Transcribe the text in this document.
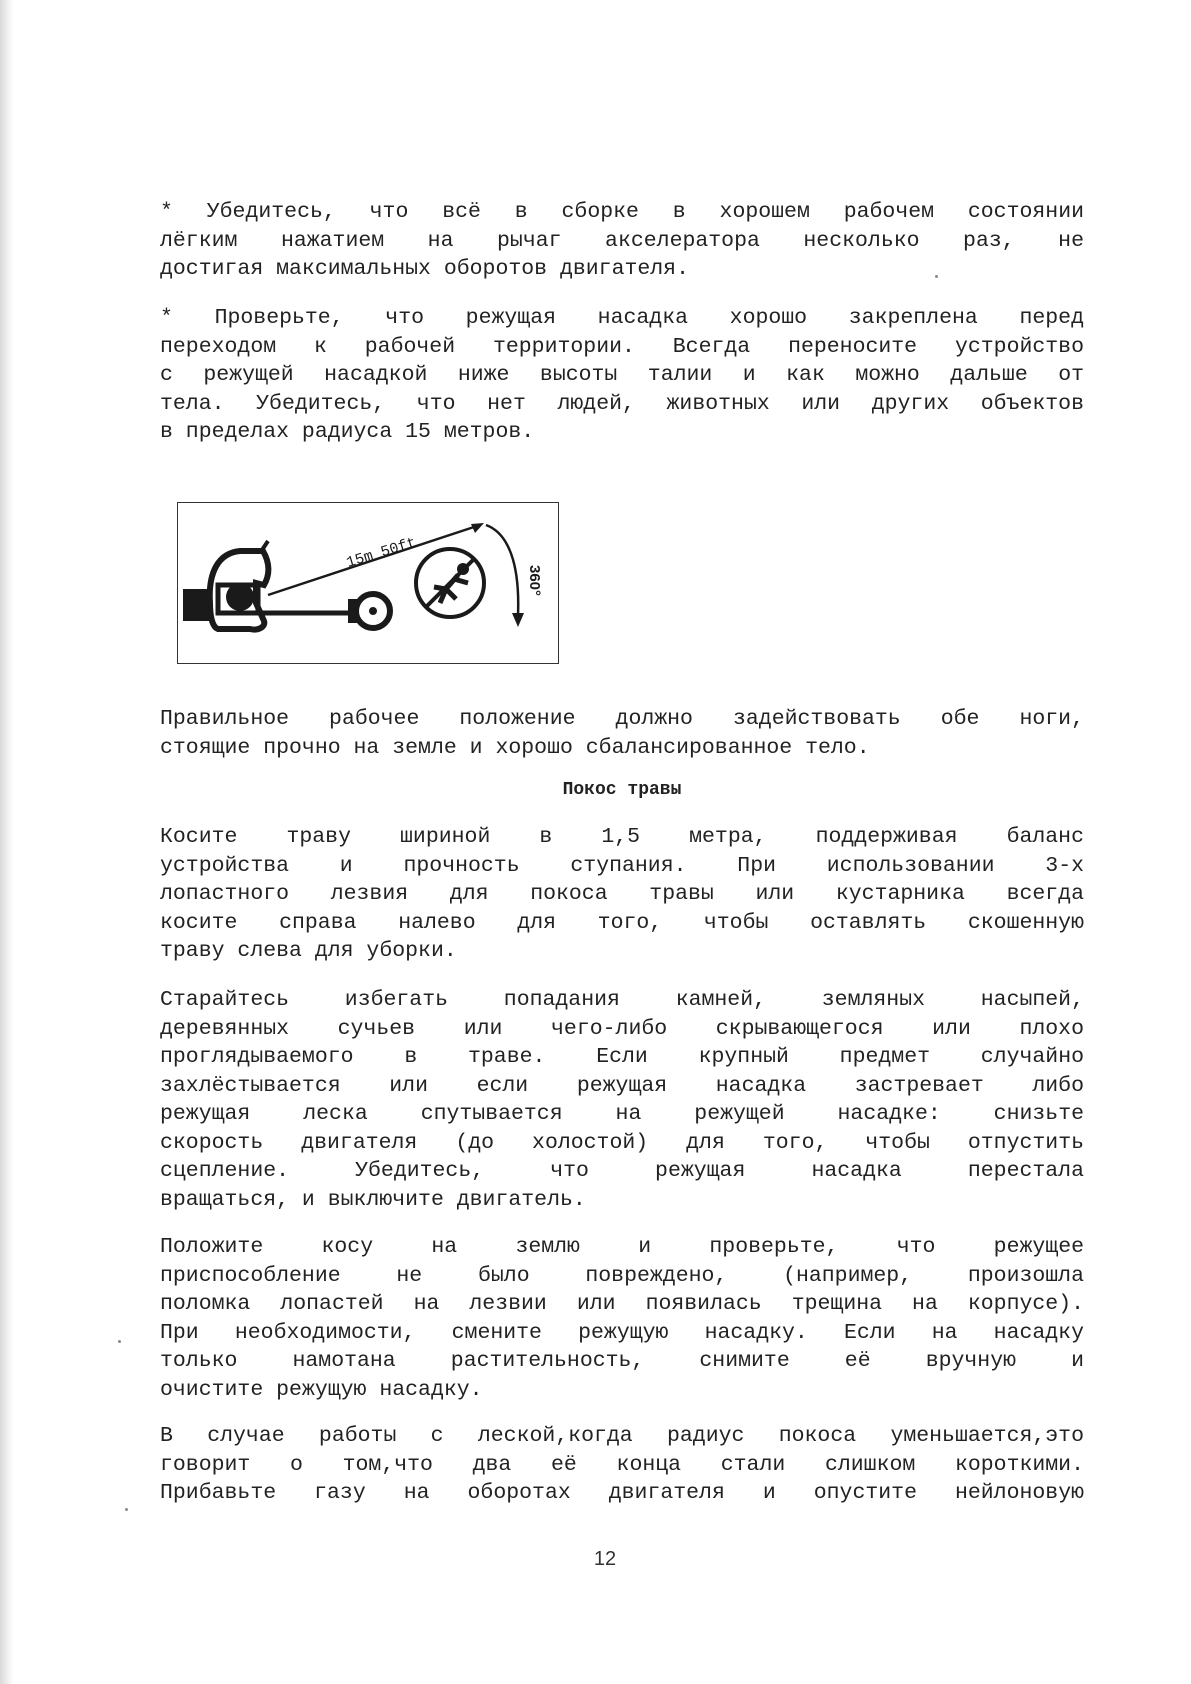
* Убедитесь, что всё в сборке в хорошем рабочем состоянии
лёгким нажатием на рычаг акселератора несколько раз, не
достигая максимальных оборотов двигателя.
* Проверьте, что режущая насадка хорошо закреплена перед
переходом к рабочей территории. Всегда переносите устройство
с режущей насадкой ниже высоты талии и как можно дальше от
тела. Убедитесь, что нет людей, животных или других объектов
в пределах радиуса 15 метров.
15m 50ft
360°
Правильное рабочее положение должно задействовать обе ноги,
стоящие прочно на земле и хорошо сбалансированное тело.
Покос травы
Косите траву шириной в 1,5 метра, поддерживая баланс
устройства и прочность ступания. При использовании 3-х
лопастного лезвия для покоса травы или кустарника всегда
косите справа налево для того, чтобы оставлять скошенную
траву слева для уборки.
Старайтесь избегать попадания камней, земляных насыпей,
деревянных сучьев или чего-либо скрывающегося или плохо
проглядываемого в траве. Если крупный предмет случайно
захлёстывается или если режущая насадка застревает либо
режущая леска спутывается на режущей насадке: снизьте
скорость двигателя (до холостой) для того, чтобы отпустить
сцепление. Убедитесь, что режущая насадка перестала
вращаться, и выключите двигатель.
Положите косу на землю и проверьте, что режущее
приспособление не было повреждено, (например, произошла
поломка лопастей на лезвии или появилась трещина на корпусе).
При необходимости, смените режущую насадку. Если на насадку
только намотана растительность, снимите её вручную и
очистите режущую насадку.
В случае работы с леской,когда радиус покоса уменьшается,это
говорит о том,что два её конца стали слишком короткими.
Прибавьте газу на оборотах двигателя и опустите нейлоновую
12
